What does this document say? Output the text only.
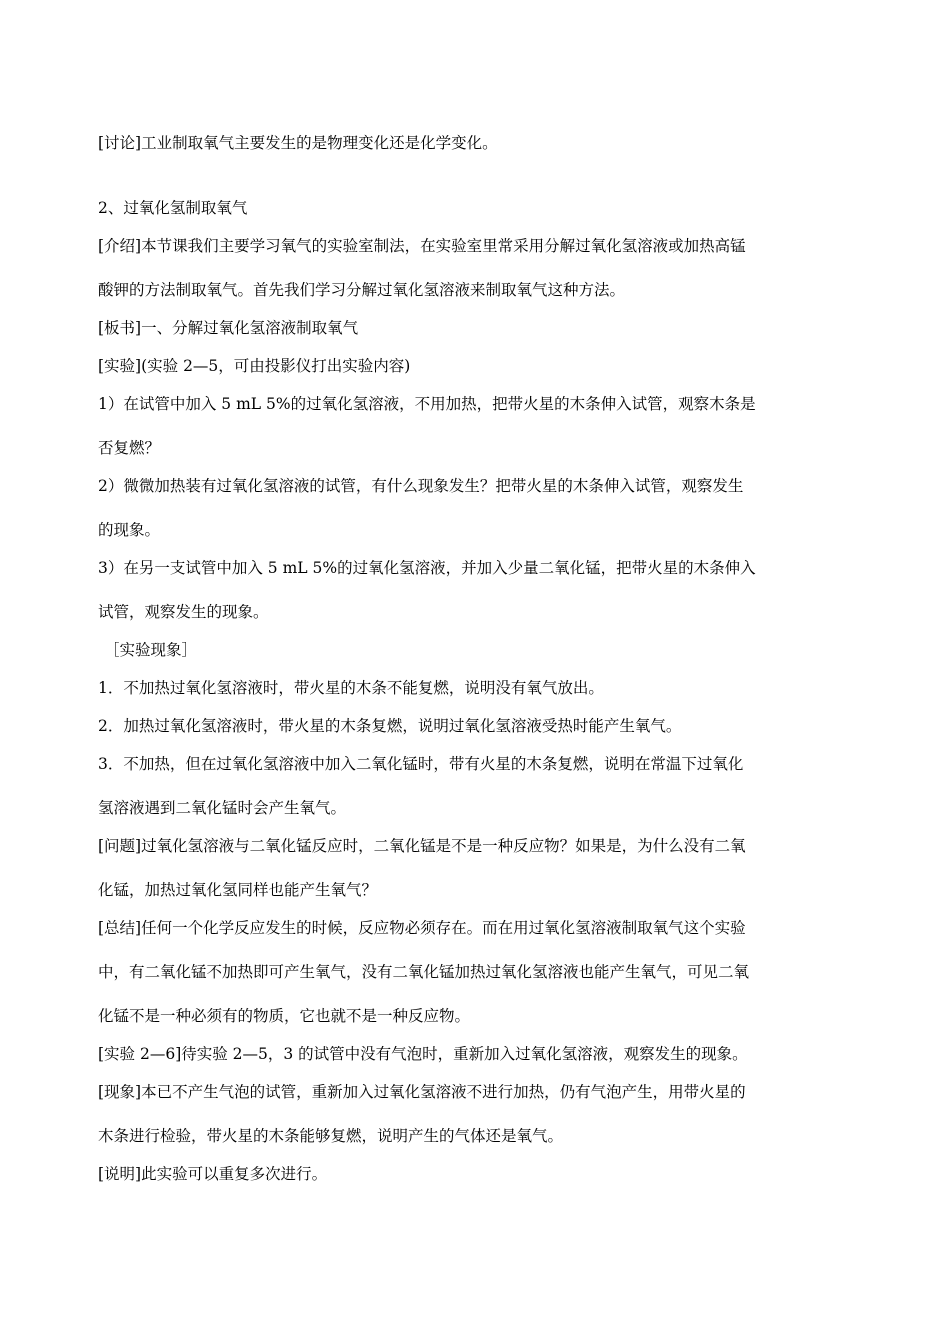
[讨论]工业制取氧气主要发生的是物理变化还是化学变化。
2、过氧化氢制取氧气
[介绍]本节课我们主要学习氧气的实验室制法，在实验室里常采用分解过氧化氢溶液或加热高锰
酸钾的方法制取氧气。首先我们学习分解过氧化氢溶液来制取氧气这种方法。
[板书]一、分解过氧化氢溶液制取氧气
[实验](实验 2—5，可由投影仪打出实验内容)
1）在试管中加入 5 mL 5%的过氧化氢溶液，不用加热，把带火星的木条伸入试管，观察木条是
否复燃？
2）微微加热装有过氧化氢溶液的试管，有什么现象发生？把带火星的木条伸入试管，观察发生
的现象。
3）在另一支试管中加入 5 mL 5%的过氧化氢溶液，并加入少量二氧化锰，把带火星的木条伸入
试管，观察发生的现象。
［实验现象］
1．不加热过氧化氢溶液时，带火星的木条不能复燃，说明没有氧气放出。
2．加热过氧化氢溶液时，带火星的木条复燃，说明过氧化氢溶液受热时能产生氧气。
3．不加热，但在过氧化氢溶液中加入二氧化锰时，带有火星的木条复燃，说明在常温下过氧化
氢溶液遇到二氧化锰时会产生氧气。
[问题]过氧化氢溶液与二氧化锰反应时，二氧化锰是不是一种反应物？如果是，为什么没有二氧
化锰，加热过氧化氢同样也能产生氧气？
[总结]任何一个化学反应发生的时候，反应物必须存在。而在用过氧化氢溶液制取氧气这个实验
中，有二氧化锰不加热即可产生氧气，没有二氧化锰加热过氧化氢溶液也能产生氧气，可见二氧
化锰不是一种必须有的物质，它也就不是一种反应物。
[实验 2—6]待实验 2—5，3 的试管中没有气泡时，重新加入过氧化氢溶液，观察发生的现象。
[现象]本已不产生气泡的试管，重新加入过氧化氢溶液不进行加热，仍有气泡产生，用带火星的
木条进行检验，带火星的木条能够复燃，说明产生的气体还是氧气。
[说明]此实验可以重复多次进行。
